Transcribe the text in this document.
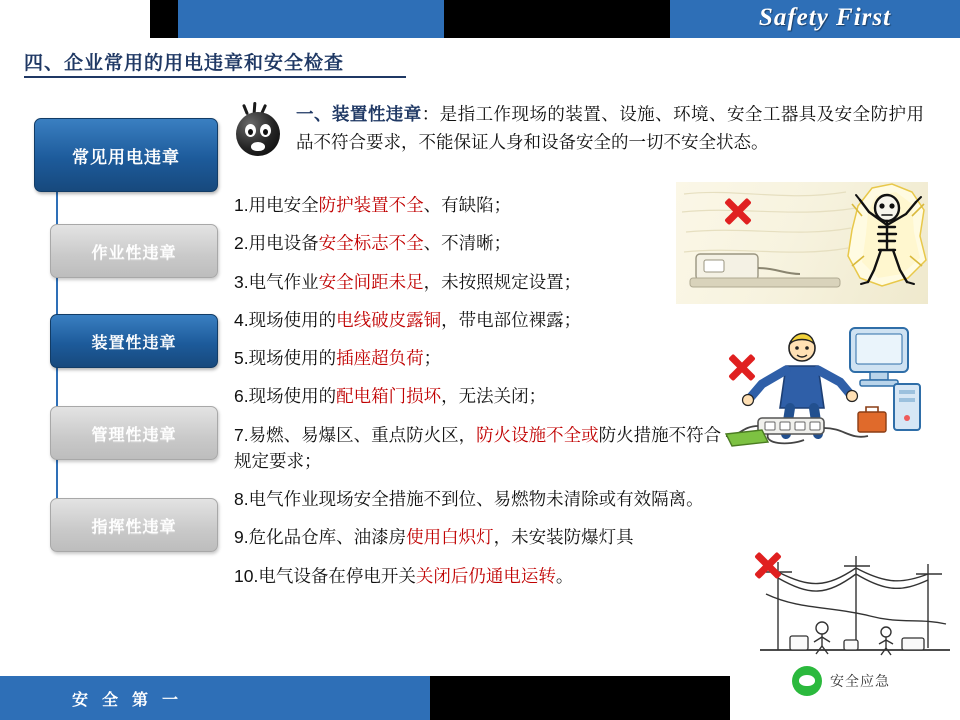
Safety First
四、企业常用的用电违章和安全检查
常见用电违章
作业性违章
装置性违章
管理性违章
指挥性违章
一、装置性违章：是指工作现场的装置、设施、环境、安全工器具及安全防护用品不符合要求，不能保证人身和设备安全的一切不安全状态。
1.用电安全防护装置不全、有缺陷；
2.用电设备安全标志不全、不清晰；
3.电气作业安全间距未足，未按照规定设置；
4.现场使用的电线破皮露铜，带电部位裸露；
5.现场使用的插座超负荷；
6.现场使用的配电箱门损坏，无法关闭；
7.易燃、易爆区、重点防火区，防火设施不全或防火措施不符合规定要求；
8.电气作业现场安全措施不到位、易燃物未清除或有效隔离。
9.危化品仓库、油漆房使用白炽灯，未安装防爆灯具
10.电气设备在停电开关关闭后仍通电运转。
安 全 第 一
安全应急
